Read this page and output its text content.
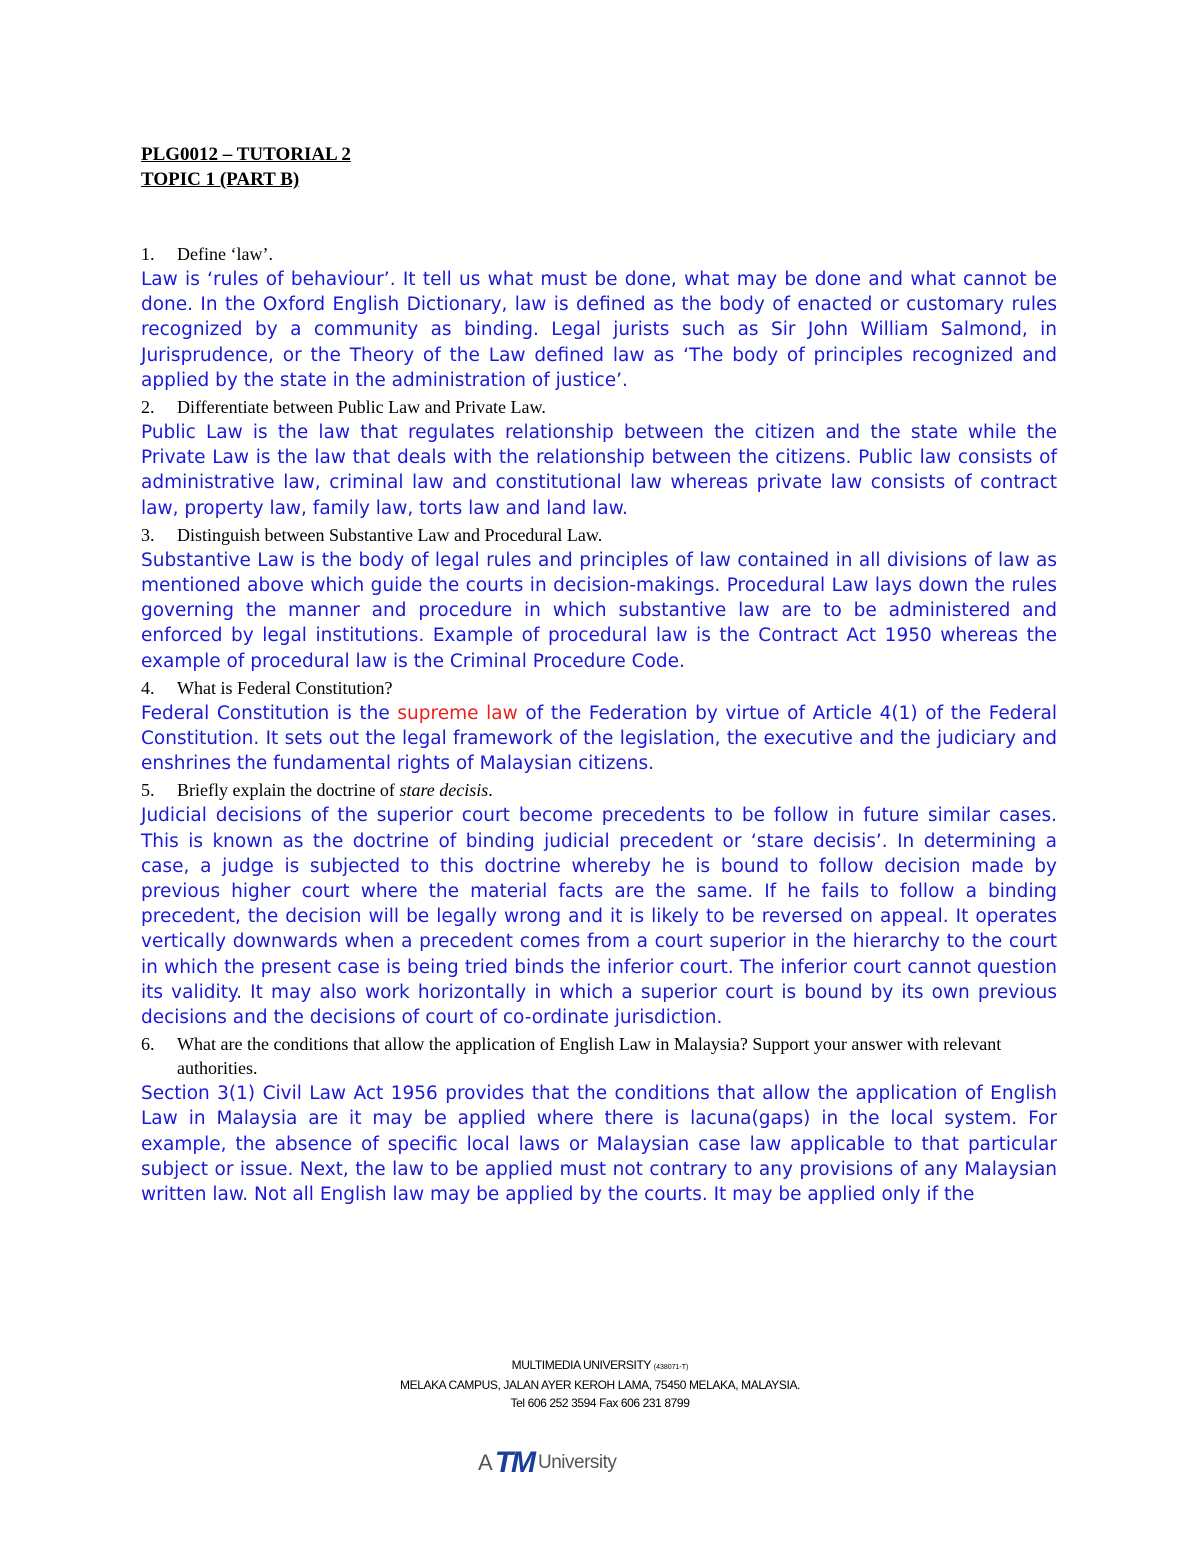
PLG0012 – TUTORIAL 2
TOPIC 1 (PART B)
1.	Define ‘law’.

Law is ‘rules of behaviour’. It tell us what must be done, what may be done and what cannot be done. In the Oxford English Dictionary, law is defined as the body of enacted or customary rules recognized by a community as binding. Legal jurists such as Sir John William Salmond, in Jurisprudence, or the Theory of the Law defined law as ‘The body of principles recognized and applied by the state in the administration of justice’.

2.	Differentiate between Public Law and Private Law.

Public Law is the law that regulates relationship between the citizen and the state while the Private Law is the law that deals with the relationship between the citizens. Public law consists of administrative law, criminal law and constitutional law whereas private law consists of contract law, property law, family law, torts law and land law.

3.	Distinguish between Substantive Law and Procedural Law.

Substantive Law is the body of legal rules and principles of law contained in all divisions of law as mentioned above which guide the courts in decision-makings. Procedural Law lays down the rules governing the manner and procedure in which substantive law are to be administered and enforced by legal institutions. Example of procedural law is the Contract Act 1950 whereas the example of procedural law is the Criminal Procedure Code.

4.	What is Federal Constitution?

Federal Constitution is the supreme law of the Federation by virtue of Article 4(1) of the Federal Constitution. It sets out the legal framework of the legislation, the executive and the judiciary and enshrines the fundamental rights of Malaysian citizens.

5.	Briefly explain the doctrine of stare decisis.

Judicial decisions of the superior court become precedents to be follow in future similar cases. This is known as the doctrine of binding judicial precedent or ‘stare decisis’. In determining a case, a judge is subjected to this doctrine whereby he is bound to follow decision made by previous higher court where the material facts are the same. If he fails to follow a binding precedent, the decision will be legally wrong and it is likely to be reversed on appeal. It operates vertically downwards when a precedent comes from a court superior in the hierarchy to the court in which the present case is being tried binds the inferior court. The inferior court cannot question its validity. It may also work horizontally in which a superior court is bound by its own previous decisions and the decisions of court of co-ordinate jurisdiction.

6.	What are the conditions that allow the application of English Law in Malaysia? Support your answer with relevant authorities.

Section 3(1) Civil Law Act 1956 provides that the conditions that allow the application of English Law in Malaysia are it may be applied where there is lacuna(gaps) in the local system. For example, the absence of specific local laws or Malaysian case law applicable to that particular subject or issue. Next, the law to be applied must not contrary to any provisions of any Malaysian written law. Not all English law may be applied by the courts. It may be applied only if the

MULTIMEDIA UNIVERSITY (438071-T)
MELAKA CAMPUS, JALAN AYER KEROH LAMA, 75450 MELAKA, MALAYSIA.
Tel 606 252 3594 Fax 606 231 8799
A TM University
